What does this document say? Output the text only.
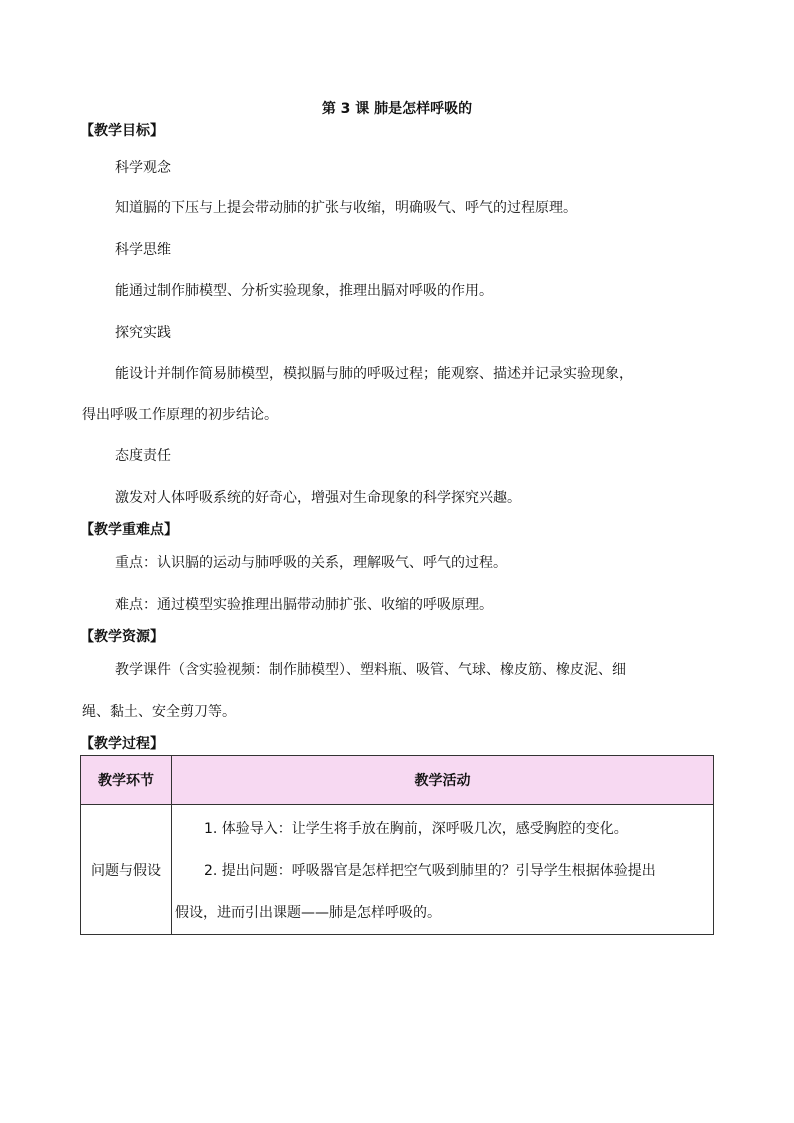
第 3 课 肺是怎样呼吸的
【教学目标】
科学观念
知道膈的下压与上提会带动肺的扩张与收缩，明确吸气、呼气的过程原理。
科学思维
能通过制作肺模型、分析实验现象，推理出膈对呼吸的作用。
探究实践
能设计并制作简易肺模型，模拟膈与肺的呼吸过程；能观察、描述并记录实验现象，
得出呼吸工作原理的初步结论。
态度责任
激发对人体呼吸系统的好奇心，增强对生命现象的科学探究兴趣。
【教学重难点】
重点：认识膈的运动与肺呼吸的关系，理解吸气、呼气的过程。
难点：通过模型实验推理出膈带动肺扩张、收缩的呼吸原理。
【教学资源】
教学课件（含实验视频：制作肺模型）、塑料瓶、吸管、气球、橡皮筋、橡皮泥、细
绳、黏土、安全剪刀等。
【教学过程】
教学环节	教学活动
问题与假设	1. 体验导入：让学生将手放在胸前，深呼吸几次，感受胸腔的变化。
2. 提出问题：呼吸器官是怎样把空气吸到肺里的？引导学生根据体验提出
假设，进而引出课题——肺是怎样呼吸的。
